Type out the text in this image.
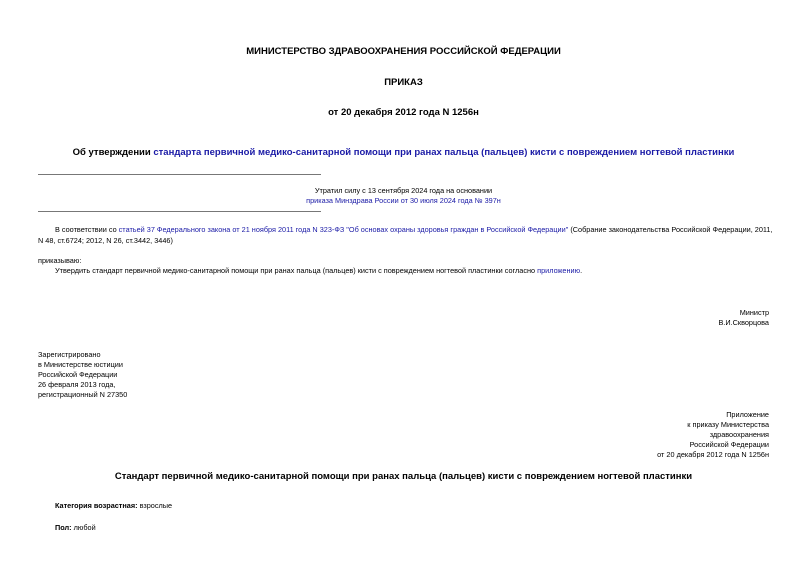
МИНИСТЕРСТВО ЗДРАВООХРАНЕНИЯ РОССИЙСКОЙ ФЕДЕРАЦИИ
ПРИКАЗ
от 20 декабря 2012 года N 1256н
Об утверждении стандарта первичной медико-санитарной помощи при ранах пальца (пальцев) кисти с повреждением ногтевой пластинки
Утратил силу с 13 сентября 2024 года на основании
приказа Минздрава России от 30 июля 2024 года № 397н
В соответствии со статьей 37 Федерального закона от 21 ноября 2011 года N 323-ФЗ "Об основах охраны здоровья граждан в Российской Федерации" (Собрание законодательства Российской Федерации, 2011,
N 48, ст.6724; 2012, N 26, ст.3442, 3446)
приказываю:
Утвердить стандарт первичной медико-санитарной помощи при ранах пальца (пальцев) кисти с повреждением ногтевой пластинки согласно приложению.
Министр
В.И.Скворцова
Зарегистрировано
в Министерстве юстиции
Российской Федерации
26 февраля 2013 года,
регистрационный N 27350
Приложение
к приказу Министерства
здравоохранения
Российской Федерации
от 20 декабря 2012 года N 1256н
Стандарт первичной медико-санитарной помощи при ранах пальца (пальцев) кисти с повреждением ногтевой пластинки
Категория возрастная: взрослые
Пол: любой
